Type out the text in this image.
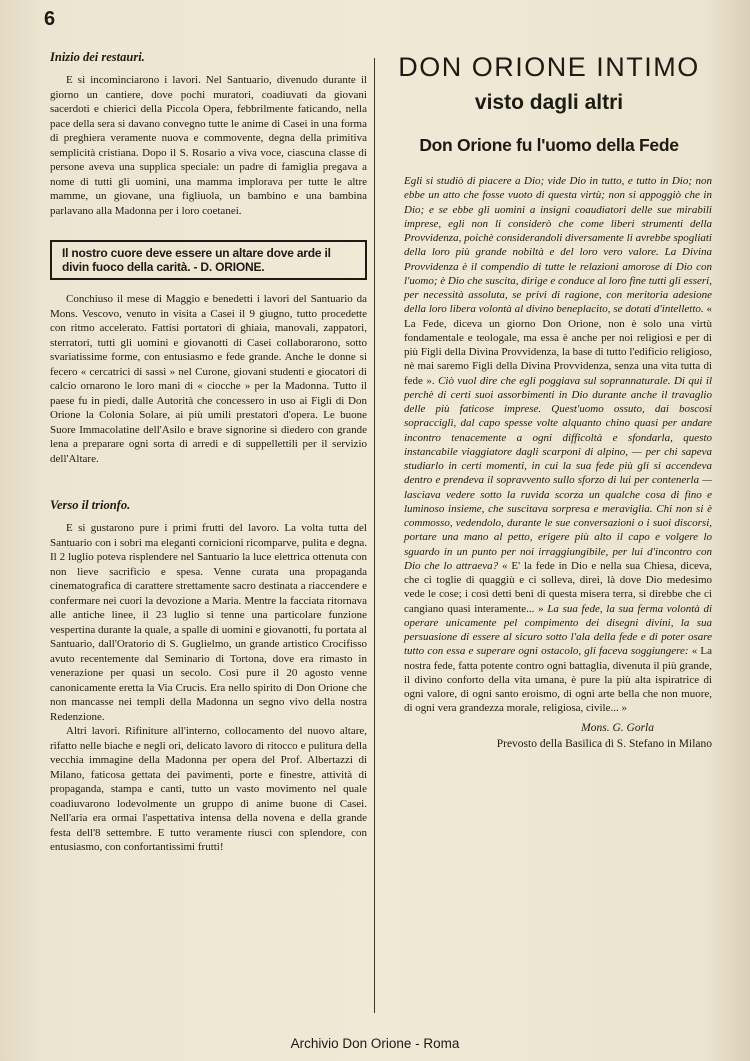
6
Inizio dei restauri.

E si incominciarono i lavori. Nel Santuario, divenudo durante il giorno un cantiere, dove pochi muratori, coadiuvati da giovani sacerdoti e chierici della Piccola Opera, febbrilmente faticando, nella pace della sera si davano convegno tutte le anime di Casei in una forma di preghiera veramente nuova e commovente, degna della primitiva semplicità cristiana. Dopo il S. Rosario a viva voce, ciascuna classe di persone aveva una supplica speciale: un padre di famiglia pregava a nome di tutti gli uomini, una mamma implorava per tutte le altre mamme, un giovane, una figliuola, un bambino e una bambina parlavano alla Madonna per i loro coetanei.

Il nostro cuore deve essere un altare dove arde il divin fuoco della carità. - D. ORIONE.

Conchiuso il mese di Maggio e benedetti i lavori del Santuario da Mons. Vescovo, venuto in visita a Casei il 9 giugno, tutto procedette con ritmo accelerato. Fattisi portatori di ghiaia, manovali, zappatori, sterratori, tutti gli uomini e giovanotti di Casei collaborarono, sotto svariatissime forme, con entusiasmo e fede grande. Anche le donne si fecero « cercatrici di sassi » nel Curone, giovani studenti e giocatori di calcio ornarono le loro mani di « ciocche » per la Madonna. Tutto il paese fu in piedi, dalle Autorità che concessero in uso ai Figli di Don Orione la Colonia Solare, ai più umili prestatori d'opera. Le buone Suore Immacolatine dell'Asilo e brave signorine si diedero con grande lena a preparare ogni sorta di arredi e di suppellettili per il servizio dell'Altare.

Verso il trionfo.

E si gustarono pure i primi frutti del lavoro. La volta tutta del Santuario con i sobri ma eleganti cornicioni ricomparve, pulita e degna. Il 2 luglio poteva risplendere nel Santuario la luce elettrica ottenuta con non lieve sacrificio e spesa. Venne curata una propaganda cinematografica di carattere strettamente sacro destinata a riaccendere e confermare nei cuori la devozione a Maria. Mentre la facciata ritornava alle antiche linee, il 23 luglio si tenne una particolare funzione vespertina durante la quale, a spalle di uomini e giovanotti, fu portata al Santuario, dall'Oratorio di S. Guglielmo, un grande artistico Crocifisso avuto recentemente dal Seminario di Tortona, dove era rimasto in venerazione per quasi un secolo. Così pure il 20 agosto venne canonicamente eretta la Via Crucis. Era nello spirito di Don Orione che non mancasse nei templi della Madonna un segno vivo della nostra Redenzione.

Altri lavori. Rifiniture all'interno, collocamento del nuovo altare, rifatto nelle biache e negli ori, delicato lavoro di ritocco e pulitura della vecchia immagine della Madonna per opera del Prof. Albertazzi di Milano, faticosa gettata dei pavimenti, porte e finestre, attività di propaganda, stampa e canti, tutto un vasto movimento nel quale coadiuvarono lodevolmente un gruppo di anime buone di Casei. Nell'aria era ormai l'aspettativa intensa della novena e della grande festa dell'8 settembre. E tutto veramente riuscì con splendore, con entusiasmo, con confortantissimi frutti!

DON ORIONE INTIMO
visto dagli altri
Don Orione fu l'uomo della Fede
Egli si studiò di piacere a Dio; vide Dio in tutto, e tutto in Dio; non ebbe un atto che fosse vuoto di questa virtù; non si appoggiò che in Dio; e se ebbe gli uomini a insigni coaudiatori delle sue mirabili imprese, egli non li considerò che come liberi strumenti della Provvidenza, poichè considerandoli diversamente li avrebbe spogliati della loro più grande nobiltà e del loro vero valore. La Divina Provvidenza è il compendio di tutte le relazioni amorose di Dio con l'uomo; è Dio che suscita, dirige e conduce al loro fine tutti gli esseri, per necessità assoluta, se privi di ragione, con meritoria adesione della loro libera volontà al divino beneplacito, se dotati d'intelletto. « La Fede, diceva un giorno Don Orione, non è solo una virtù fondamentale e teologale, ma essa è anche per noi religiosi e per di più Figli della Divina Provvidenza, la base di tutto l'edificio religioso, nè mai saremo Figli della Divina Provvidenza, senza una vita tutta di fede ». Ciò vuol dire che egli poggiava sul soprannaturale. Di qui il perchè di certi suoi assorbimenti in Dio durante anche il travaglio delle più faticose imprese. Quest'uomo ossuto, dai boscosi sopracciglì, dal capo spesse volte alquanto chino quasi per andare incontro tenacemente a ogni difficoltà e sfondarla, questo instancabile viaggiatore dagli scarponi di alpino, — per chi sapeva studiarlo in certi momenti, in cui la sua fede più gli si accendeva dentro e prendeva il sopravvento sullo sforzo di lui per contenerla — lasciava vedere sotto la ruvida scorza un qualche cosa di fino e luminoso insieme, che suscitava sorpresa e meraviglia. Chi non si è commosso, vedendolo, durante le sue conversazioni o i suoi discorsi, portare una mano al petto, erigere più alto il capo e volgere lo sguardo in un punto per noi irraggiungibile, per lui d'incontro con Dio che lo attraeva? « E' la fede in Dio e nella sua Chiesa, diceva, che ci toglie di quaggiù e ci solleva, direi, là dove Dio medesimo vede le cose; i così detti beni di questa misera terra, si direbbe che ci cangiano quasi interamente... » La sua fede, la sua ferma volontà di operare unicamente pel compimento dei disegni divini, la sua persuasione di essere al sicuro sotto l'ala della fede e di poter osare tutto con essa e superare ogni ostacolo, gli faceva soggiungere: « La nostra fede, fatta potente contro ogni battaglia, divenuta il più grande, il divino conforto della vita umana, è pure la più alta ispiratrice di ogni valore, di ogni santo eroismo, di ogni arte bella che non muore, di ogni vera grandezza morale, religiosa, civile... »
Mons. G. Gorla
Prevosto della Basilica di S. Stefano in Milano
Archivio Don Orione - Roma
